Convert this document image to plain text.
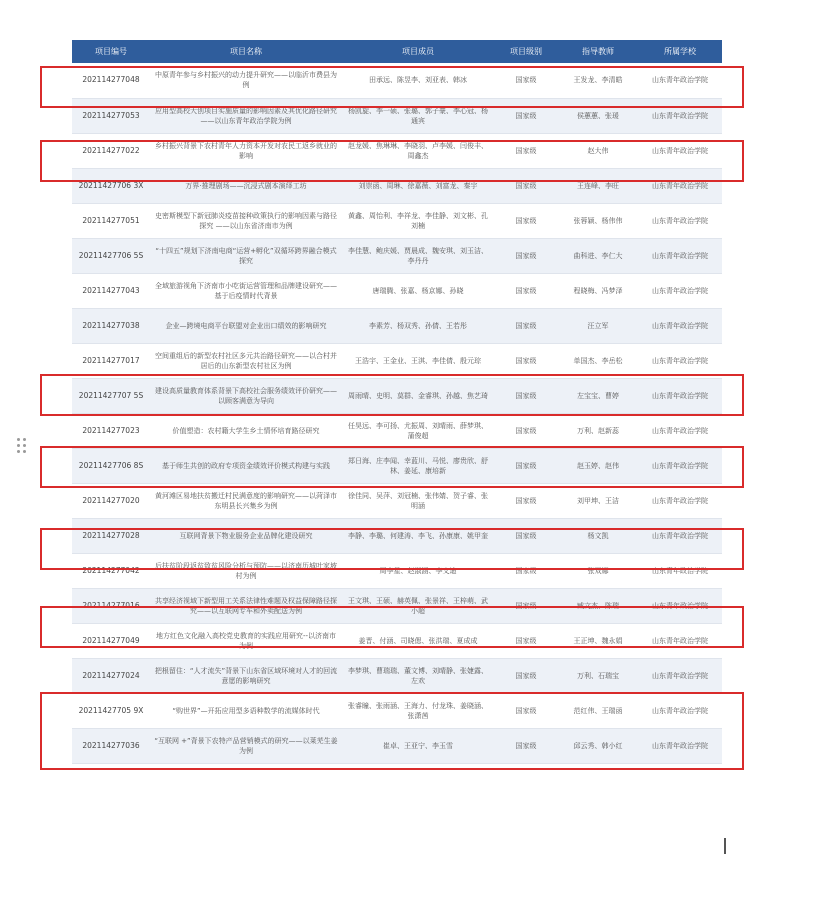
项目编号	项目名称	项目成员	项目级别	指导教师	所属学校
202114277048	中原青年参与乡村振兴的动力提升研究——以临沂市费县为例	田承远、陈昱李、刘亚表、韩冰	国家级	王发龙、李清皓	山东青年政治学院
202114277053	应用型高校大创项目实施质量的影响因素及其优化路径研究 ——以山东青年政治学院为例	杨凯旋、李一硕、张璐、郭子豪、李心冠、杨通宾	国家级	侯蕙蕙、张瑗	山东青年政治学院
202114277022	乡村振兴背景下农村青年人力资本开发对农民工返乡就业的影响	赵龙媛、焦琳琳、李晓羽、卢李媛、闫俊丰、周鑫杰	国家级	赵大伟	山东青年政治学院
20211427706 3X	万界·推理剧场——沉浸式剧本演绎工坊	刘崇函、周琳、徐嘉薇、刘富龙、秦宇	国家级	王连峰、李旺	山东青年政治学院
202114277051	史密斯模型下新冠肺炎疫苗接种政策执行的影响因素与路径探究 ——以山东省济南市为例	黄鑫、周怡利、李祥龙、李佳静、刘文彬、孔刘楠	国家级	张蓉颖、杨伟伟	山东青年政治学院
20211427706 5S	“十四五”规划下济南电商“运营+孵化”双循环跨界融合模式探究	李佳慧、鲍庆媛、贾晨成、魏安琪、刘玉洁、李丹丹	国家级	曲科进、李仁大	山东青年政治学院
202114277043	全域旅游视角下济南市小吃街运营管理和品牌建设研究——基于后疫情时代背景	唐瑞腾、张嘉、杨京娜、孙晓	国家级	程晓梅、冯梦泽	山东青年政治学院
202114277038	企业—跨境电商平台联盟对企业出口绩效的影响研究	李素芳、杨双秀、孙倩、王若彤	国家级	汪立军	山东青年政治学院
202114277017	空间重组后的新型农村社区多元共治路径研究——以合村并居后的山东新型农村社区为例	王浩宇、王金业、王淇、李佳倩、殷元琮	国家级	单国杰、李岳松	山东青年政治学院
20211427707 5S	建设高质量教育体系背景下高校社会服务绩效评价研究——以顾客满意为导向	周雨晴、史明、莫群、金睿琪、孙越、焦艺琦	国家级	左宝宝、曹婷	山东青年政治学院
202114277023	价值塑造：农村籍大学生乡土情怀培育路径研究	任昊远、李可扬、尤振周、刘晴雨、薛梦琪、蒲俊超	国家级	万利、赵新蕊	山东青年政治学院
20211427706 8S	基于师生共创的政府专项资金绩效评价模式构建与实践	郑日海、庄李闻、幸蓝川、马悦、廖贵欣、舒林、姜延、康培新	国家级	赵玉婷、赵伟	山东青年政治学院
202114277020	黄河滩区易地扶贫搬迁村民满意度的影响研究——以菏泽市东明县长兴集乡为例	徐佳同、吴萍、刘冠楠、张伟婧、贺子睿、张明涵	国家级	刘甲坤、王洁	山东青年政治学院
202114277028	互联网背景下物业服务企业品牌化建设研究	李静、李璐、何建涛、李飞、孙康康、姚甲奎	国家级	杨文凯	山东青年政治学院
202114277042	后扶贫阶段返贫致贫风险分析与预防——以济南历城叶家坡村为例	周李星、赵淑涵、李文迪	国家级	张双娜	山东青年政治学院
202114277016	共享经济视域下新型用工关系法律性难题及权益保障路径探究——以互联网专车和外卖配送为例	王文琪、王硕、赫英佩、张景祥、王梓萌、武小超	国家级	臧文杰、陈瑞	山东青年政治学院
202114277049	地方红色文化融入高校党史教育的实践应用研究--以济南市为例	姜晋、付涵、司晓偲、张洪瑞、夏成成	国家级	王正坤、魏永娟	山东青年政治学院
202114277024	把根留住：“人才流失”背景下山东省区域环境对人才的回流意愿的影响研究	李梦琪、曹瑞瑞、董文博、刘晴静、张婕露、左欢	国家级	万利、石瑞宝	山东青年政治学院
20211427705 9X	“购世界”—开拓应用型多语种数学的流媒体时代	张睿瞳、张雨涵、王海力、付龙珠、姜晓涵、张潇茜	国家级	范红伟、王瑞函	山东青年政治学院
202114277036	“互联网 +”背景下农特产品营销模式的研究——以莱芜生姜为例	崔卓、王亚宁、李玉雪	国家级	邱云秀、韩小红	山东青年政治学院
